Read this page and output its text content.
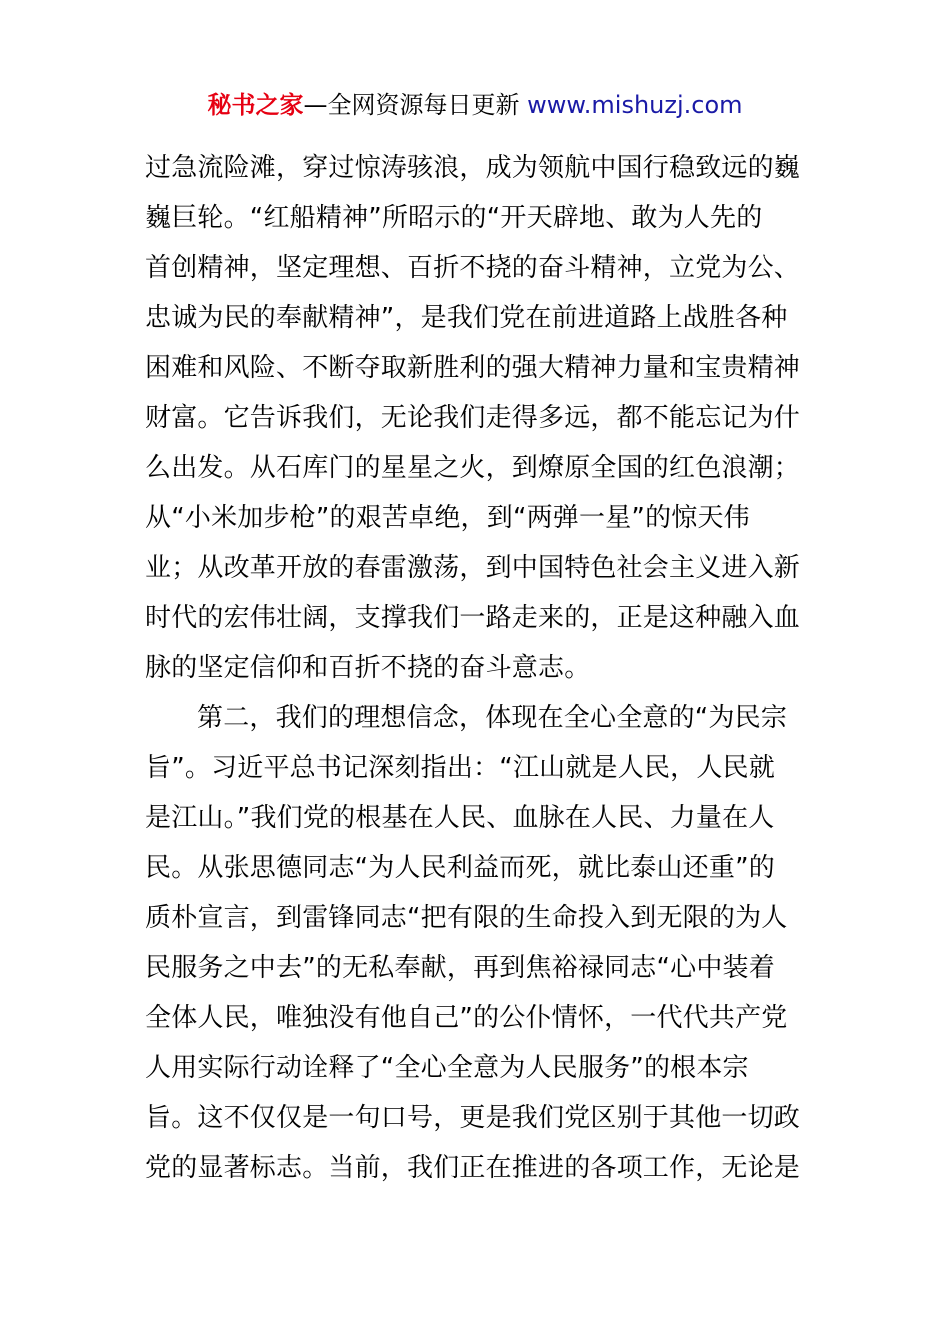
秘书之家—全网资源每日更新 www.mishuzj.com
过急流险滩，穿过惊涛骇浪，成为领航中国行稳致远的巍
巍巨轮。“红船精神”所昭示的“开天辟地、敢为人先的
首创精神，坚定理想、百折不挠的奋斗精神，立党为公、
忠诚为民的奉献精神”，是我们党在前进道路上战胜各种
困难和风险、不断夺取新胜利的强大精神力量和宝贵精神
财富。它告诉我们，无论我们走得多远，都不能忘记为什
么出发。从石库门的星星之火，到燎原全国的红色浪潮；
从“小米加步枪”的艰苦卓绝，到“两弹一星”的惊天伟
业；从改革开放的春雷激荡，到中国特色社会主义进入新
时代的宏伟壮阔，支撑我们一路走来的，正是这种融入血
脉的坚定信仰和百折不挠的奋斗意志。
第二，我们的理想信念，体现在全心全意的“为民宗
旨”。习近平总书记深刻指出：“江山就是人民，人民就
是江山。”我们党的根基在人民、血脉在人民、力量在人
民。从张思德同志“为人民利益而死，就比泰山还重”的
质朴宣言，到雷锋同志“把有限的生命投入到无限的为人
民服务之中去”的无私奉献，再到焦裕禄同志“心中装着
全体人民，唯独没有他自己”的公仆情怀，一代代共产党
人用实际行动诠释了“全心全意为人民服务”的根本宗
旨。这不仅仅是一句口号，更是我们党区别于其他一切政
党的显著标志。当前，我们正在推进的各项工作，无论是
